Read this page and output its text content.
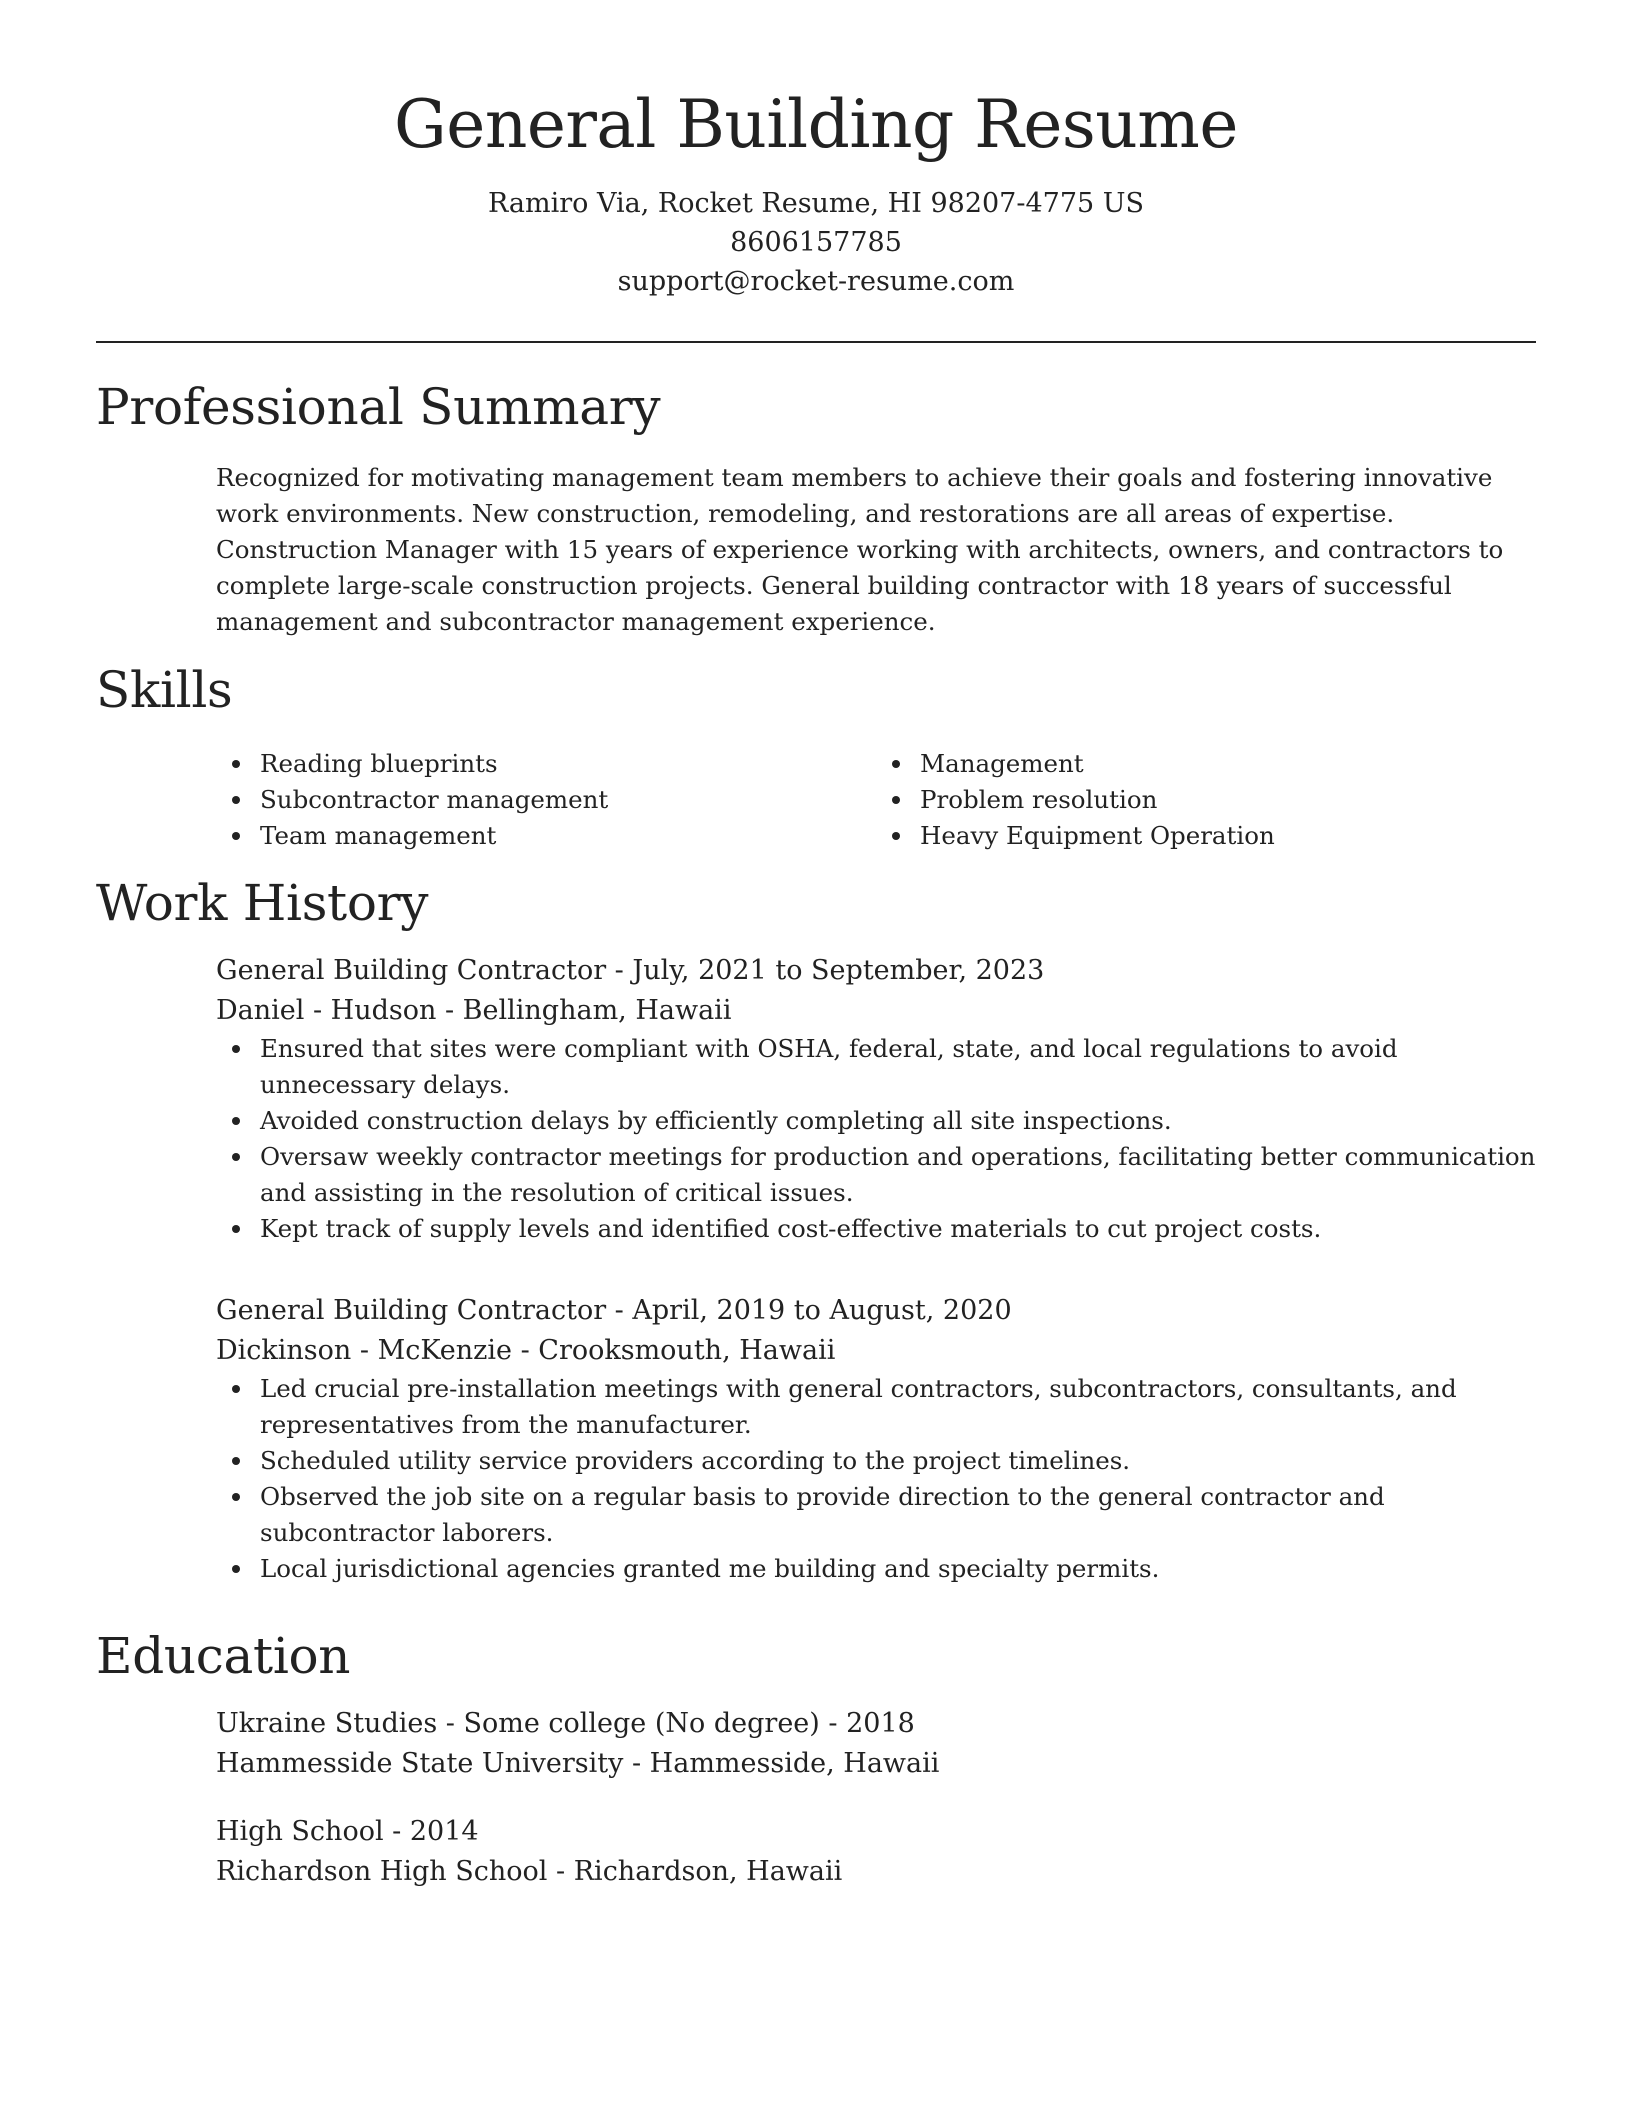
General Building Resume

Ramiro Via, Rocket Resume, HI 98207-4775 US

8606157785

support@rocket-resume.com

Professional Summary

Recognized for motivating management team members to achieve their goals and fostering innovative work environments. New construction, remodeling, and restorations are all areas of expertise. Construction Manager with 15 years of experience working with architects, owners, and contractors to complete large-scale construction projects. General building contractor with 18 years of successful management and subcontractor management experience.

Skills
Reading blueprints
Subcontractor management
Team management
Management
Problem resolution
Heavy Equipment Operation
Work History

General Building Contractor - July, 2021 to September, 2023

Daniel - Hudson - Bellingham, Hawaii

Ensured that sites were compliant with OSHA, federal, state, and local regulations to avoid unnecessary delays.
Avoided construction delays by efficiently completing all site inspections.
Oversaw weekly contractor meetings for production and operations, facilitating better communication and assisting in the resolution of critical issues.
Kept track of supply levels and identified cost-effective materials to cut project costs.

General Building Contractor - April, 2019 to August, 2020

Dickinson - McKenzie - Crooksmouth, Hawaii

Led crucial pre-installation meetings with general contractors, subcontractors, consultants, and representatives from the manufacturer.
Scheduled utility service providers according to the project timelines.
Observed the job site on a regular basis to provide direction to the general contractor and subcontractor laborers.
Local jurisdictional agencies granted me building and specialty permits.
Education

Ukraine Studies - Some college (No degree) - 2018

Hammesside State University - Hammesside, Hawaii

High School - 2014

Richardson High School - Richardson, Hawaii
